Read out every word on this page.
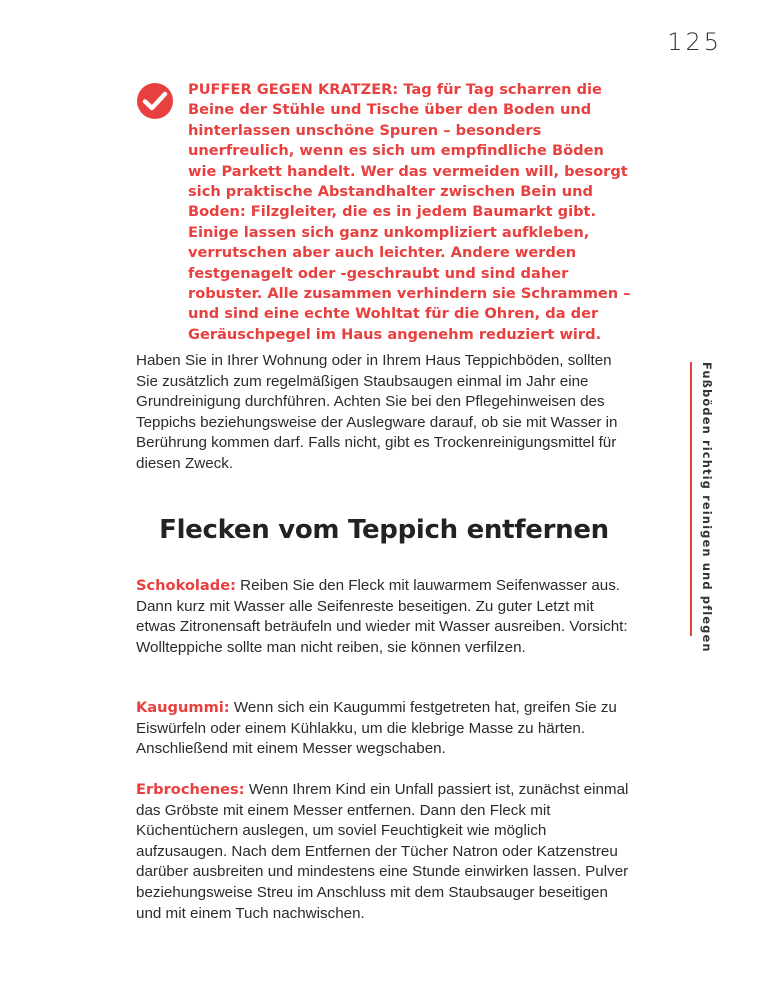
125

PUFFER GEGEN KRATZER: Tag für Tag scharren die Beine der Stühle und Tische über den Boden und hinterlassen unschöne Spuren – besonders unerfreulich, wenn es sich um empfindliche Böden wie Parkett handelt. Wer das vermeiden will, besorgt sich praktische Abstandhalter zwischen Bein und Boden: Filzgleiter, die es in jedem Baumarkt gibt. Einige lassen sich ganz unkompliziert aufkleben, verrutschen aber auch leichter. Andere werden festgenagelt oder -geschraubt und sind daher robuster. Alle zusammen verhindern sie Schrammen – und sind eine echte Wohltat für die Ohren, da der Geräuschpegel im Haus angenehm reduziert wird.

Haben Sie in Ihrer Wohnung oder in Ihrem Haus Teppichböden, sollten Sie zusätzlich zum regelmäßigen Staubsaugen einmal im Jahr eine Grundreinigung durchführen. Achten Sie bei den Pflegehinweisen des Teppichs beziehungsweise der Auslegware darauf, ob sie mit Wasser in Berührung kommen darf. Falls nicht, gibt es Trockenreinigungsmittel für diesen Zweck.

Flecken vom Teppich entfernen

Schokolade: Reiben Sie den Fleck mit lauwarmem Seifenwasser aus. Dann kurz mit Wasser alle Seifenreste beseitigen. Zu guter Letzt mit etwas Zitronensaft beträufeln und wieder mit Wasser ausreiben. Vorsicht: Wollteppiche sollte man nicht reiben, sie können verfilzen.

Kaugummi: Wenn sich ein Kaugummi festgetreten hat, greifen Sie zu Eiswürfeln oder einem Kühlakku, um die klebrige Masse zu härten. Anschließend mit einem Messer wegschaben.

Erbrochenes: Wenn Ihrem Kind ein Unfall passiert ist, zunächst einmal das Gröbste mit einem Messer entfernen. Dann den Fleck mit Küchentüchern auslegen, um soviel Feuchtigkeit wie möglich aufzusaugen. Nach dem Entfernen der Tücher Natron oder Katzenstreu darüber ausbreiten und mindestens eine Stunde einwirken lassen. Pulver beziehungsweise Streu im Anschluss mit dem Staubsauger beseitigen und mit einem Tuch nachwischen.

Fußböden richtig reinigen und pflegen
